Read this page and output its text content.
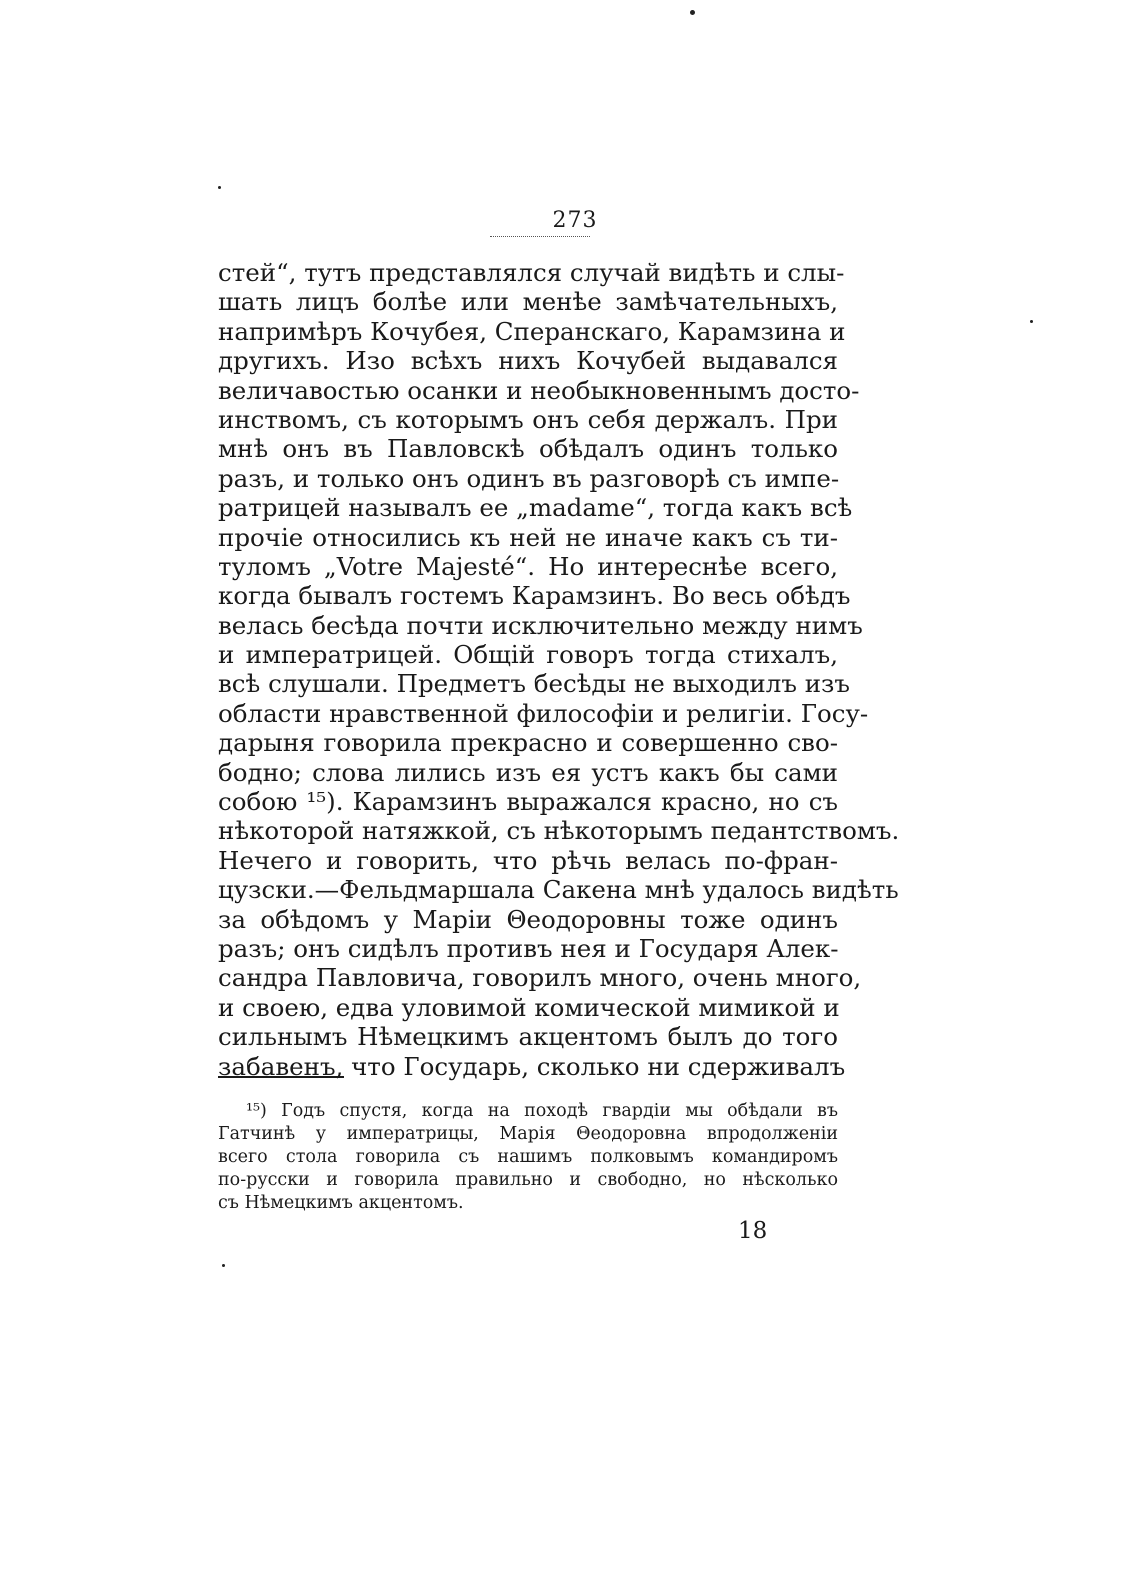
273
стей“, тутъ представлялся случай видѣть и слы-
шать лицъ болѣе или менѣе замѣчательныхъ,
напримѣръ Кочубея, Сперанскаго, Карамзина и
другихъ. Изо всѣхъ нихъ Кочубей выдавался
величавостью осанки и необыкновеннымъ досто-
инствомъ, съ которымъ онъ себя держалъ. При
мнѣ онъ въ Павловскѣ обѣдалъ одинъ только
разъ, и только онъ одинъ въ разговорѣ съ импе-
ратрицей называлъ ее „madame“, тогда какъ всѣ
прочіе относились къ ней не иначе какъ съ ти-
туломъ „Votre Majesté“. Но интереснѣе всего,
когда бывалъ гостемъ Карамзинъ. Во весь обѣдъ
велась бесѣда почти исключительно между нимъ
и императрицей. Общій говоръ тогда стихалъ,
всѣ слушали. Предметъ бесѣды не выходилъ изъ
области нравственной философіи и религіи. Госу-
дарыня говорила прекрасно и совершенно сво-
бодно; слова лились изъ ея устъ какъ бы сами
собою ¹⁵). Карамзинъ выражался красно, но съ
нѣкоторой натяжкой, съ нѣкоторымъ педантствомъ.
Нечего и говорить, что рѣчь велась по-фран-
цузски.—Фельдмаршала Сакена мнѣ удалось видѣть
за обѣдомъ у Маріи Θеодоровны тоже одинъ
разъ; онъ сидѣлъ противъ нея и Государя Алек-
сандра Павловича, говорилъ много, очень много,
и своею, едва уловимой комической мимикой и
сильнымъ Нѣмецкимъ акцентомъ былъ до того
забавенъ, что Государь, сколько ни сдерживалъ
¹⁵) Годъ спустя, когда на походѣ гвардіи мы обѣдали въ
Гатчинѣ у императрицы, Марія Θеодоровна впродолженіи
всего стола говорила съ нашимъ полковымъ командиромъ
по-русски и говорила правильно и свободно, но нѣсколько
съ Нѣмецкимъ акцентомъ.
18
